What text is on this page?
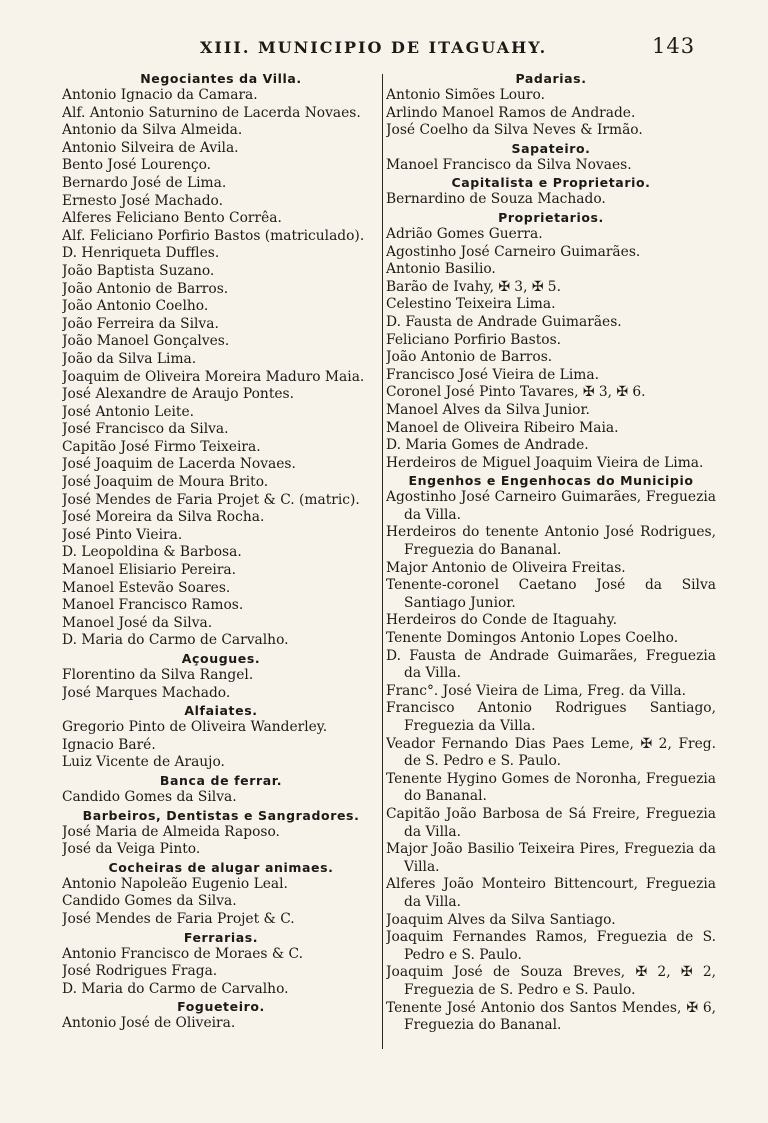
XIII. MUNICIPIO DE ITAGUAHY.	143
Negociantes da Villa.
Antonio Ignacio da Camara.
Alf. Antonio Saturnino de Lacerda Novaes.
Antonio da Silva Almeida.
Antonio Silveira de Avila.
Bento José Lourenço.
Bernardo José de Lima.
Ernesto José Machado.
Alferes Feliciano Bento Corrêa.
Alf. Feliciano Porfirio Bastos (matriculado).
D. Henriqueta Duffles.
João Baptista Suzano.
João Antonio de Barros.
João Antonio Coelho.
João Ferreira da Silva.
João Manoel Gonçalves.
João da Silva Lima.
Joaquim de Oliveira Moreira Maduro Maia.
José Alexandre de Araujo Pontes.
José Antonio Leite.
José Francisco da Silva.
Capitão José Firmo Teixeira.
José Joaquim de Lacerda Novaes.
José Joaquim de Moura Brito.
José Mendes de Faria Projet & C. (matric).
José Moreira da Silva Rocha.
José Pinto Vieira.
D. Leopoldina & Barbosa.
Manoel Elisiario Pereira.
Manoel Estevão Soares.
Manoel Francisco Ramos.
Manoel José da Silva.
D. Maria do Carmo de Carvalho.
Açougues.
Florentino da Silva Rangel.
José Marques Machado.
Alfaiates.
Gregorio Pinto de Oliveira Wanderley.
Ignacio Baré.
Luiz Vicente de Araujo.
Banca de ferrar.
Candido Gomes da Silva.
Barbeiros, Dentistas e Sangradores.
José Maria de Almeida Raposo.
José da Veiga Pinto.
Cocheiras de alugar animaes.
Antonio Napoleão Eugenio Leal.
Candido Gomes da Silva.
José Mendes de Faria Projet & C.
Ferrarias.
Antonio Francisco de Moraes & C.
José Rodrigues Fraga.
D. Maria do Carmo de Carvalho.
Fogueteiro.
Antonio José de Oliveira.
Padarias.
Antonio Simões Louro.
Arlindo Manoel Ramos de Andrade.
José Coelho da Silva Neves & Irmão.
Sapateiro.
Manoel Francisco da Silva Novaes.
Capitalista e Proprietario.
Bernardino de Souza Machado.
Proprietarios.
Adrião Gomes Guerra.
Agostinho José Carneiro Guimarães.
Antonio Basilio.
Barão de Ivahy, ✠ 3, ✠ 5.
Celestino Teixeira Lima.
D. Fausta de Andrade Guimarães.
Feliciano Porfirio Bastos.
João Antonio de Barros.
Francisco José Vieira de Lima.
Coronel José Pinto Tavares, ✠ 3, ✠ 6.
Manoel Alves da Silva Junior.
Manoel de Oliveira Ribeiro Maia.
D. Maria Gomes de Andrade.
Herdeiros de Miguel Joaquim Vieira de Lima.
Engenhos e Engenhocas do Municipio
Agostinho José Carneiro Guimarães, Freguezia da Villa.
Herdeiros do tenente Antonio José Rodrigues, Freguezia do Bananal.
Major Antonio de Oliveira Freitas.
Tenente-coronel Caetano José da Silva Santiago Junior.
Herdeiros do Conde de Itaguahy.
Tenente Domingos Antonio Lopes Coelho.
D. Fausta de Andrade Guimarães, Freguezia da Villa.
Franc°. José Vieira de Lima, Freg. da Villa.
Francisco Antonio Rodrigues Santiago, Freguezia da Villa.
Veador Fernando Dias Paes Leme, ✠ 2, Freg. de S. Pedro e S. Paulo.
Tenente Hygino Gomes de Noronha, Freguezia do Bananal.
Capitão João Barbosa de Sá Freire, Freguezia da Villa.
Major João Basilio Teixeira Pires, Freguezia da Villa.
Alferes João Monteiro Bittencourt, Freguezia da Villa.
Joaquim Alves da Silva Santiago.
Joaquim Fernandes Ramos, Freguezia de S. Pedro e S. Paulo.
Joaquim José de Souza Breves, ✠ 2, ✠ 2, Freguezia de S. Pedro e S. Paulo.
Tenente José Antonio dos Santos Mendes, ✠ 6, Freguezia do Bananal.
